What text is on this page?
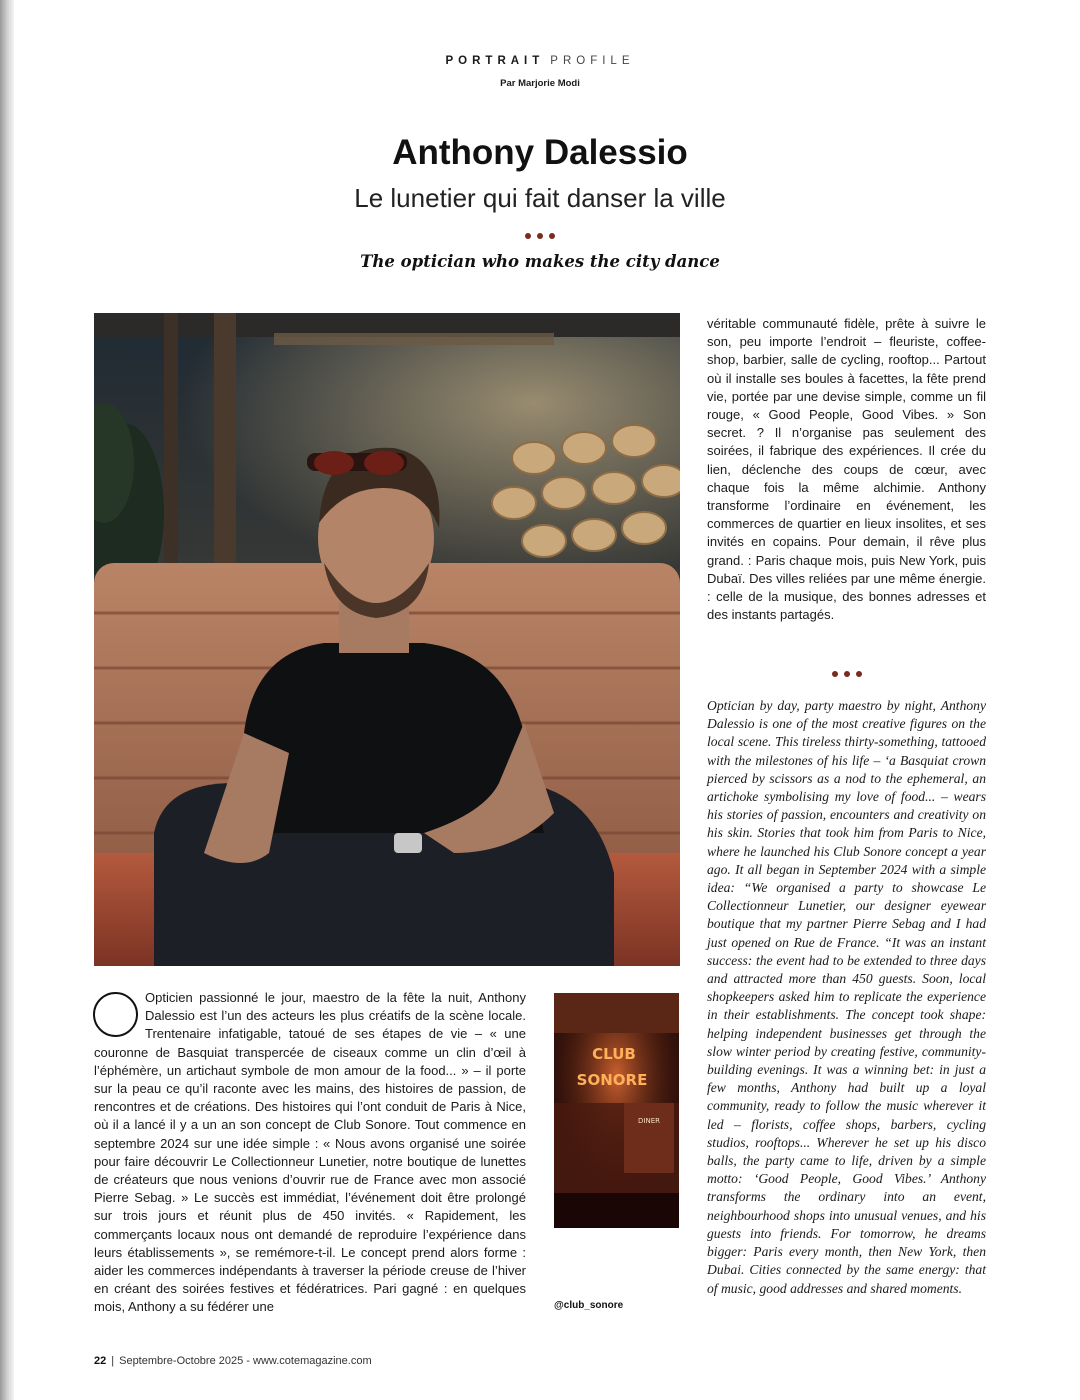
PORTRAIT PROFILE
Par Marjorie Modi
Anthony Dalessio
Le lunetier qui fait danser la ville
The optician who makes the city dance
Opticien passionné le jour, maestro de la fête la nuit, Anthony Dalessio est l’un des acteurs les plus créatifs de la scène locale. Trentenaire infatigable, tatoué de ses étapes de vie – « une couronne de Basquiat transpercée de ciseaux comme un clin d’œil à l’éphémère, un artichaut symbole de mon amour de la food... » – il porte sur la peau ce qu’il raconte avec les mains, des histoires de passion, de rencontres et de créations. Des histoires qui l’ont conduit de Paris à Nice, où il a lancé il y a un an son concept de Club Sonore. Tout commence en septembre 2024 sur une idée simple : « Nous avons organisé une soirée pour faire découvrir Le Collectionneur Lunetier, notre boutique de lunettes de créateurs que nous venions d’ouvrir rue de France avec mon associé Pierre Sebag. » Le succès est immédiat, l’événement doit être prolongé sur trois jours et réunit plus de 450 invités. « Rapidement, les commerçants locaux nous ont demandé de reproduire l’expérience dans leurs établissements », se remémore-t-il. Le concept prend alors forme : aider les commerces indépendants à traverser la période creuse de l’hiver en créant des soirées festives et fédératrices. Pari gagné : en quelques mois, Anthony a su fédérer une
CLUB
SONORE
DINER
@club_sonore
véritable communauté fidèle, prête à suivre le son, peu importe l’endroit – fleuriste, coffee-shop, barbier, salle de cycling, rooftop... Partout où il installe ses boules à facettes, la fête prend vie, portée par une devise simple, comme un fil rouge, « Good People, Good Vibes. » Son secret. ? Il n’organise pas seulement des soirées, il fabrique des expériences. Il crée du lien, déclenche des coups de cœur, avec chaque fois la même alchimie. Anthony transforme l’ordinaire en événement, les commerces de quartier en lieux insolites, et ses invités en copains. Pour demain, il rêve plus grand. : Paris chaque mois, puis New York, puis Dubaï. Des villes reliées par une même énergie. : celle de la musique, des bonnes adresses et des instants partagés.
Optician by day, party maestro by night, Anthony Dalessio is one of the most creative figures on the local scene. This tireless thirty-something, tattooed with the milestones of his life – ‘a Basquiat crown pierced by scissors as a nod to the ephemeral, an artichoke symbolising my love of food... – wears his stories of passion, encounters and creativity on his skin. Stories that took him from Paris to Nice, where he launched his Club Sonore concept a year ago. It all began in September 2024 with a simple idea: “We organised a party to showcase Le Collectionneur Lunetier, our designer eyewear boutique that my partner Pierre Sebag and I had just opened on Rue de France. “It was an instant success: the event had to be extended to three days and attracted more than 450 guests. Soon, local shopkeepers asked him to replicate the experience in their establishments. The concept took shape: helping independent businesses get through the slow winter period by creating festive, community-building evenings. It was a winning bet: in just a few months, Anthony had built up a loyal community, ready to follow the music wherever it led – florists, coffee shops, barbers, cycling studios, rooftops... Wherever he set up his disco balls, the party came to life, driven by a simple motto: ‘Good People, Good Vibes.’ Anthony transforms the ordinary into an event, neighbourhood shops into unusual venues, and his guests into friends. For tomorrow, he dreams bigger: Paris every month, then New York, then Dubai. Cities connected by the same energy: that of music, good addresses and shared moments.
22 | Septembre-Octobre 2025 - www.cotemagazine.com
